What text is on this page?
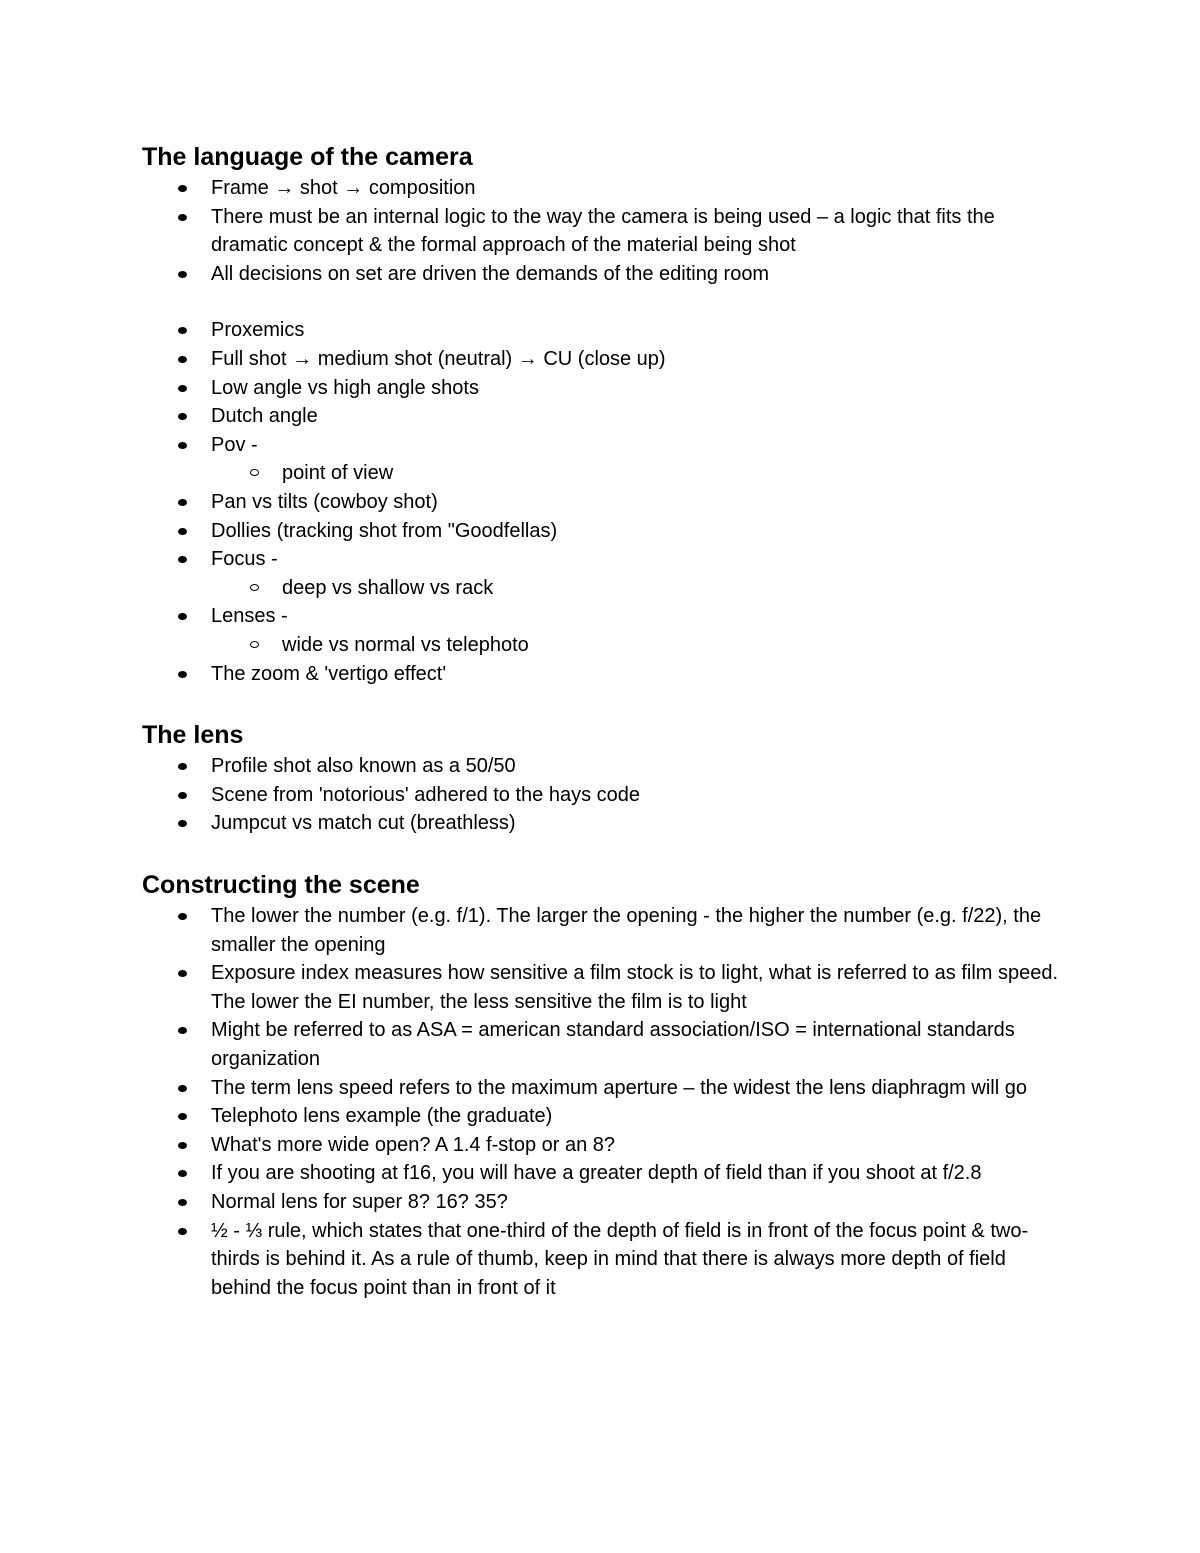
The language of the camera
Frame → shot → composition
There must be an internal logic to the way the camera is being used – a logic that fits the dramatic concept & the formal approach of the material being shot
All decisions on set are driven the demands of the editing room
Proxemics
Full shot → medium shot (neutral) → CU (close up)
Low angle vs high angle shots
Dutch angle
Pov -
point of view
Pan vs tilts (cowboy shot)
Dollies (tracking shot from "Goodfellas)
Focus -
deep vs shallow vs rack
Lenses -
wide vs normal vs telephoto
The zoom & 'vertigo effect'
The lens
Profile shot also known as a 50/50
Scene from 'notorious' adhered to the hays code
Jumpcut vs match cut (breathless)
Constructing the scene
The lower the number (e.g. f/1). The larger the opening - the higher the number (e.g. f/22), the smaller the opening
Exposure index measures how sensitive a film stock is to light, what is referred to as film speed. The lower the EI number, the less sensitive the film is to light
Might be referred to as ASA = american standard association/ISO = international standards organization
The term lens speed refers to the maximum aperture – the widest the lens diaphragm will go
Telephoto lens example (the graduate)
What's more wide open? A 1.4 f-stop or an 8?
If you are shooting at f16, you will have a greater depth of field than if you shoot at f/2.8
Normal lens for super 8? 16? 35?
½ - ⅓ rule, which states that one-third of the depth of field is in front of the focus point & two-thirds is behind it. As a rule of thumb, keep in mind that there is always more depth of field behind the focus point than in front of it
